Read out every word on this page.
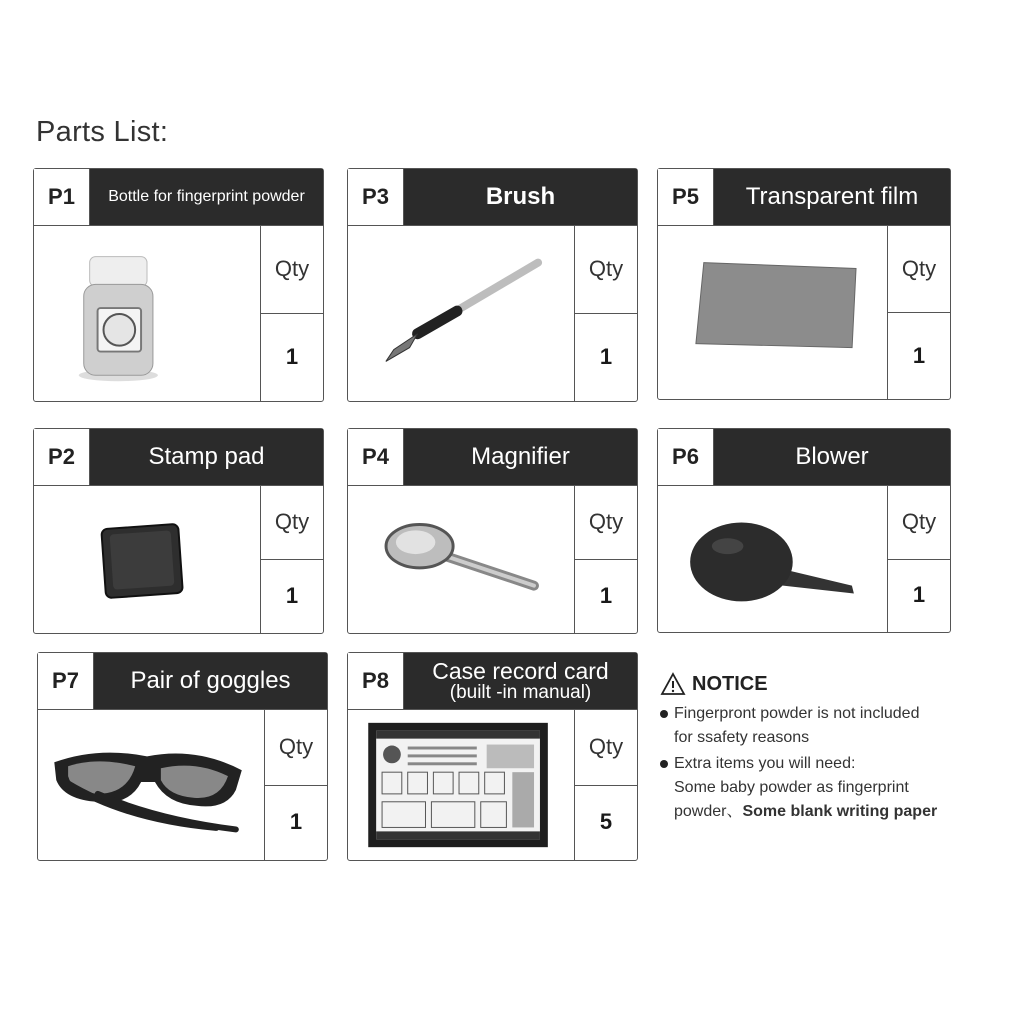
Parts List:
P1	Bottle for fingerprint powder
Qty
1
P3	Brush
Qty
1
P5	Transparent film
Qty
1
P2	Stamp pad
Qty
1
P4	Magnifier
Qty
1
P6	Blower
Qty
1
P7	Pair of goggles
Qty
1
P8	Case record card
(built -in manual)
Qty
5
NOTICE
Fingerpront powder is not included
for ssafety reasons
Extra items you will need:
Some baby powder as fingerprint
powder、Some blank writing paper
